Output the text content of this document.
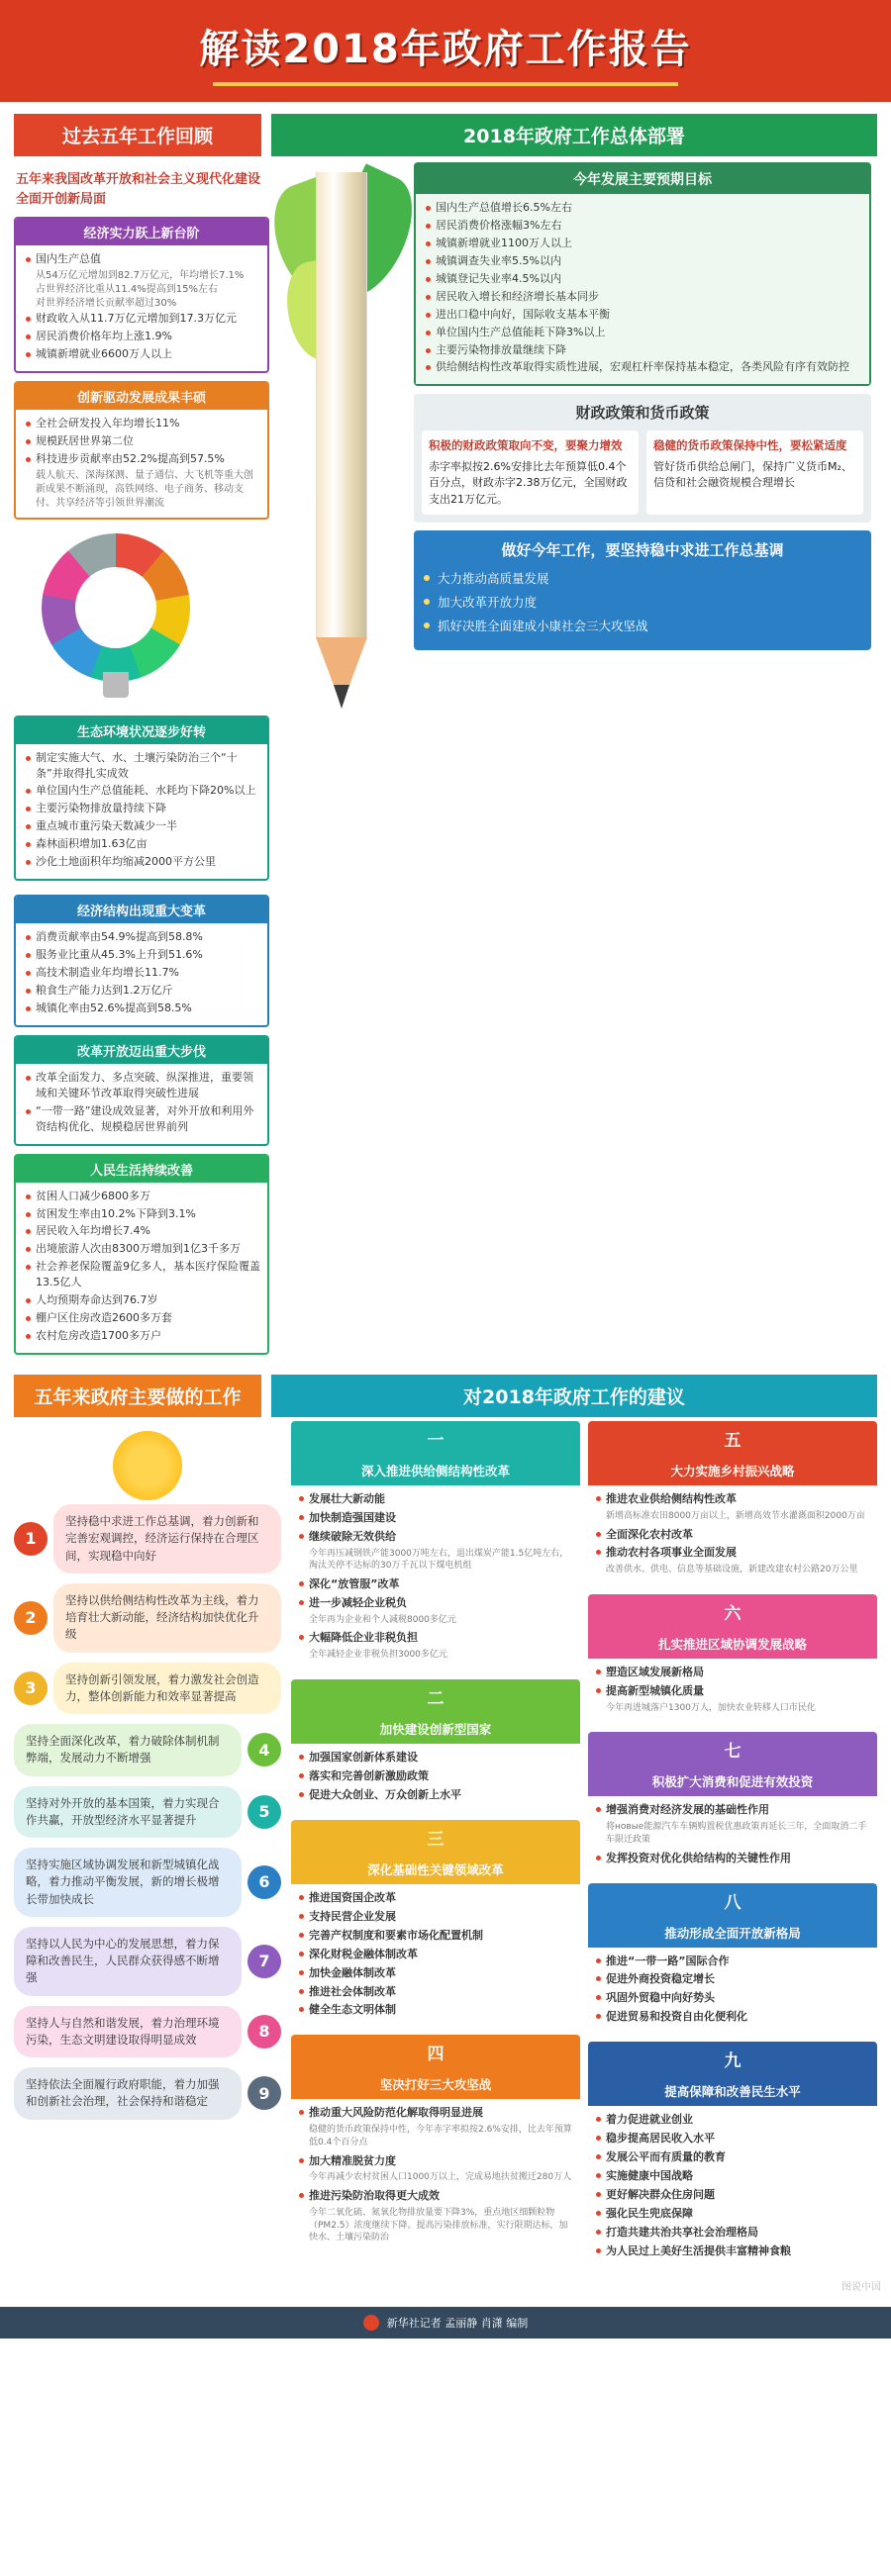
解读2018年政府工作报告
过去五年工作回顾	2018年政府工作总体部署
五年来我国改革开放和社会主义现代化建设全面开创新局面
经济实力跃上新台阶
国内生产总值
从54万亿元增加到82.7万亿元，年均增长7.1%
占世界经济比重从11.4%提高到15%左右
对世界经济增长贡献率超过30%
财政收入从11.7万亿元增加到17.3万亿元
居民消费价格年均上涨1.9%
城镇新增就业6600万人以上
创新驱动发展成果丰硕
全社会研发投入年均增长11%
规模跃居世界第二位
科技进步贡献率由52.2%提高到57.5%
载人航天、深海探测、量子通信、大飞机等重大创新成果不断涌现，高铁网络、电子商务、移动支付、共享经济等引领世界潮流
生态环境状况逐步好转
制定实施大气、水、土壤污染防治三个“十条”并取得扎实成效
单位国内生产总值能耗、水耗均下降20%以上
主要污染物排放量持续下降
重点城市重污染天数减少一半
森林面积增加1.63亿亩
沙化土地面积年均缩减2000平方公里
今年发展主要预期目标
国内生产总值增长6.5%左右
居民消费价格涨幅3%左右
城镇新增就业1100万人以上
城镇调查失业率5.5%以内
城镇登记失业率4.5%以内
居民收入增长和经济增长基本同步
进出口稳中向好，国际收支基本平衡
单位国内生产总值能耗下降3%以上
主要污染物排放量继续下降
供给侧结构性改革取得实质性进展，宏观杠杆率保持基本稳定，各类风险有序有效防控
财政政策和货币政策
积极的财政政策取向不变，要聚力增效
赤字率拟按2.6%安排比去年预算低0.4个百分点，财政赤字2.38万亿元，全国财政支出21万亿元。
稳健的货币政策保持中性，要松紧适度
管好货币供给总闸门，保持广义货币M₂、信贷和社会融资规模合理增长
做好今年工作，要坚持稳中求进工作总基调
大力推动高质量发展
加大改革开放力度
抓好决胜全面建成小康社会三大攻坚战
经济结构出现重大变革
消费贡献率由54.9%提高到58.8%
服务业比重从45.3%上升到51.6%
高技术制造业年均增长11.7%
粮食生产能力达到1.2万亿斤
城镇化率由52.6%提高到58.5%
改革开放迈出重大步伐
改革全面发力、多点突破、纵深推进，重要领域和关键环节改革取得突破性进展
“一带一路”建设成效显著，对外开放和利用外资结构优化、规模稳居世界前列
人民生活持续改善
贫困人口减少6800多万
贫困发生率由10.2%下降到3.1%
居民收入年均增长7.4%
出境旅游人次由8300万增加到1亿3千多万
社会养老保险覆盖9亿多人，基本医疗保险覆盖13.5亿人
人均预期寿命达到76.7岁
棚户区住房改造2600多万套
农村危房改造1700多万户
五年来政府主要做的工作	对2018年政府工作的建议
1
坚持稳中求进工作总基调，着力创新和完善宏观调控，经济运行保持在合理区间，实现稳中向好
2
坚持以供给侧结构性改革为主线，着力培育壮大新动能，经济结构加快优化升级
3	坚持创新引领发展，着力激发社会创造力，整体创新能力和效率显著提高
4
坚持全面深化改革，着力破除体制机制弊端，发展动力不断增强
5
坚持对外开放的基本国策，着力实现合作共赢，开放型经济水平显著提升
6
坚持实施区域协调发展和新型城镇化战略，着力推动平衡发展，新的增长极增长带加快成长
7
坚持以人民为中心的发展思想，着力保障和改善民生，人民群众获得感不断增强
8
坚持人与自然和谐发展，着力治理环境污染，生态文明建设取得明显成效
9
坚持依法全面履行政府职能，着力加强和创新社会治理，社会保持和谐稳定
一
深入推进供给侧结构性改革
发展壮大新动能
加快制造强国建设
继续破除无效供给
今年再压减钢铁产能3000万吨左右，退出煤炭产能1.5亿吨左右，淘汰关停不达标的30万千瓦以下煤电机组
深化“放管服”改革
进一步减轻企业税负
全年再为企业和个人减税8000多亿元
大幅降低企业非税负担
全年减轻企业非税负担3000多亿元
二
加快建设创新型国家
加强国家创新体系建设
落实和完善创新激励政策
促进大众创业、万众创新上水平
三
深化基础性关键领域改革
推进国资国企改革
支持民营企业发展
完善产权制度和要素市场化配置机制
深化财税金融体制改革
加快金融体制改革
推进社会体制改革
健全生态文明体制
四
坚决打好三大攻坚战
推动重大风险防范化解取得明显进展
稳健的货币政策保持中性，今年赤字率拟按2.6%安排，比去年预算低0.4个百分点
加大精准脱贫力度
今年再减少农村贫困人口1000万以上，完成易地扶贫搬迁280万人
推进污染防治取得更大成效
今年二氧化硫、氮氧化物排放量要下降3%，重点地区细颗粒物（PM2.5）浓度继续下降。提高污染排放标准，实行限期达标，加快水、土壤污染防治
五
大力实施乡村振兴战略
推进农业供给侧结构性改革
新增高标准农田8000万亩以上，新增高效节水灌溉面积2000万亩
全面深化农村改革
推动农村各项事业全面发展
改善供水、供电、信息等基础设施，新建改建农村公路20万公里
六
扎实推进区域协调发展战略
塑造区域发展新格局
提高新型城镇化质量
今年再进城落户1300万人，加快农业转移人口市民化
七
积极扩大消费和促进有效投资
增强消费对经济发展的基础性作用
将новые能源汽车车辆购置税优惠政策再延长三年，全面取消二手车限迁政策
发挥投资对优化供给结构的关键性作用
八
推动形成全面开放新格局
推进“一带一路”国际合作
促进外商投资稳定增长
巩固外贸稳中向好势头
促进贸易和投资自由化便利化
九
提高保障和改善民生水平
着力促进就业创业
稳步提高居民收入水平
发展公平而有质量的教育
实施健康中国战略
更好解决群众住房问题
强化民生兜底保障
打造共建共治共享社会治理格局
为人民过上美好生活提供丰富精神食粮
图说中国
新华社记者 孟丽静 肖潇 编制
